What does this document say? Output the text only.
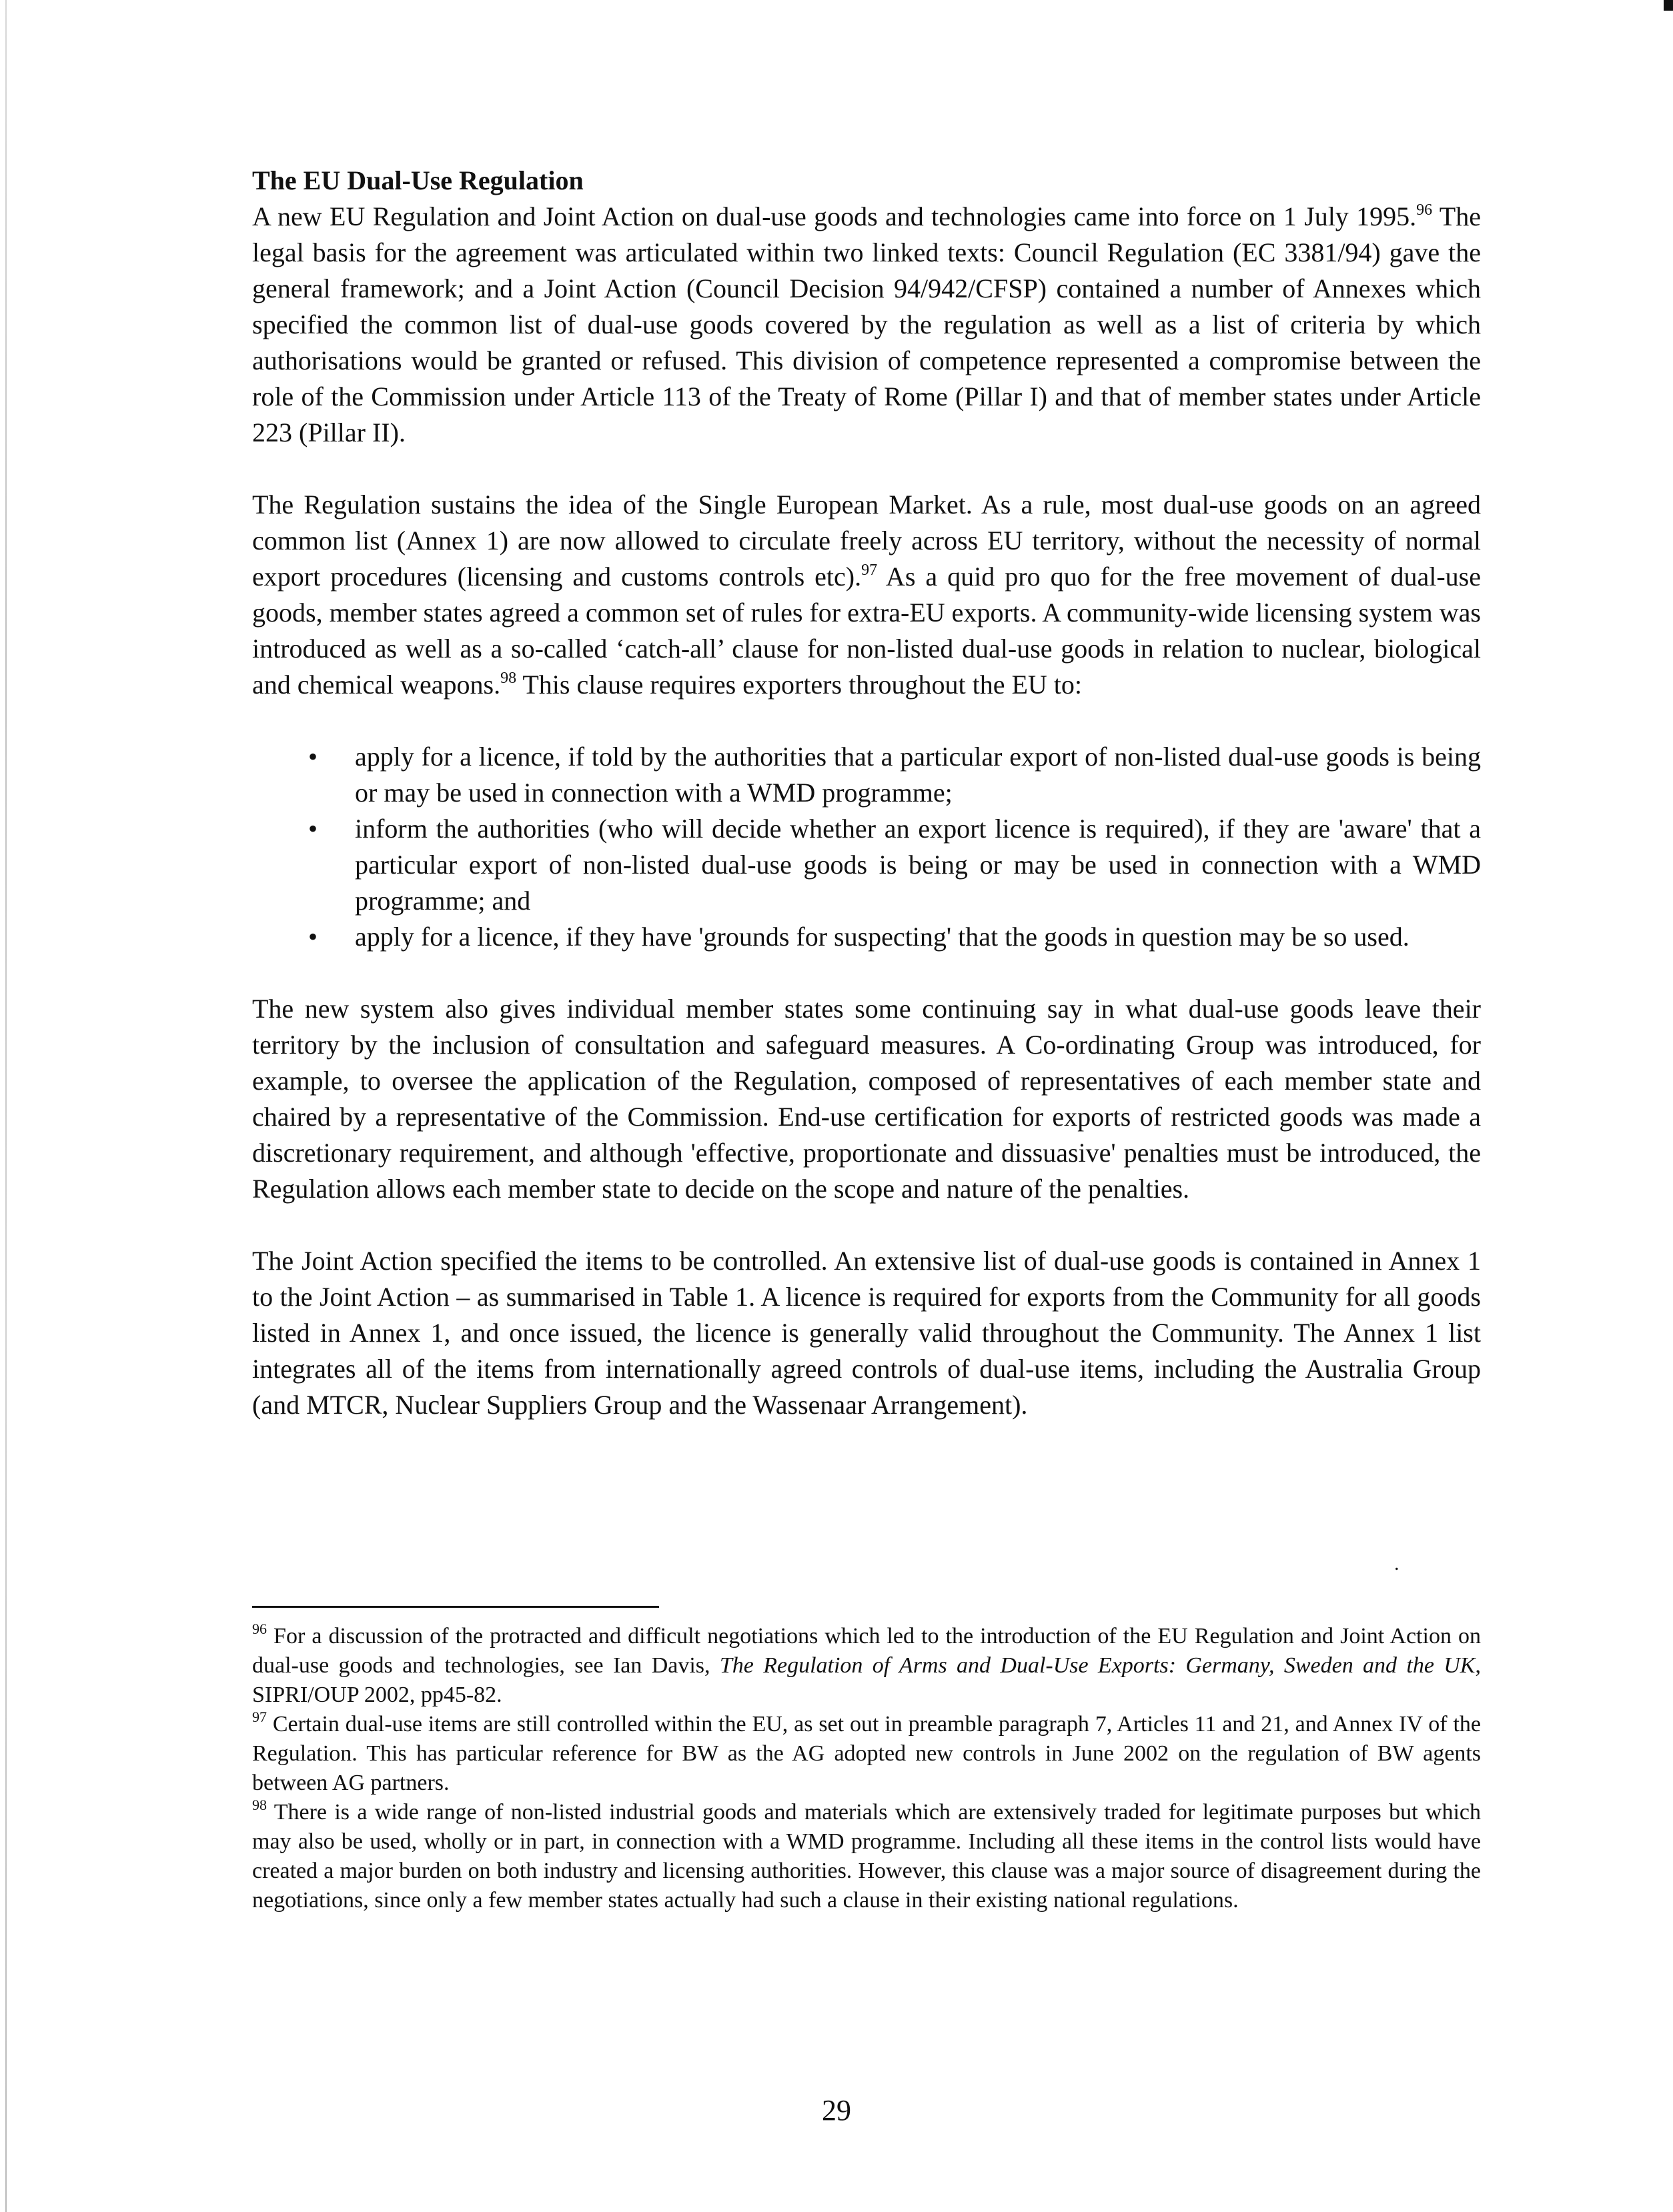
The EU Dual-Use Regulation

A new EU Regulation and Joint Action on dual-use goods and technologies came into force on 1 July 1995.96 The legal basis for the agreement was articulated within two linked texts: Council Regulation (EC 3381/94) gave the general framework; and a Joint Action (Council Decision 94/942/CFSP) contained a number of Annexes which specified the common list of dual-use goods covered by the regulation as well as a list of criteria by which authorisations would be granted or refused. This division of competence represented a compromise between the role of the Commission under Article 113 of the Treaty of Rome (Pillar I) and that of member states under Article 223 (Pillar II).

The Regulation sustains the idea of the Single European Market. As a rule, most dual-use goods on an agreed common list (Annex 1) are now allowed to circulate freely across EU territory, without the necessity of normal export procedures (licensing and customs controls etc).$^{97}$ As a quid pro quo for the free movement of dual-use goods, member states agreed a common set of rules for extra-EU exports. A community-wide licensing system was introduced as well as a so-called ‘catch-all’ clause for non-listed dual-use goods in relation to nuclear, biological and chemical weapons.$^{98}$ This clause requires exporters throughout the EU to:

• apply for a licence, if told by the authorities that a particular export of non-listed dual-use goods is being or may be used in connection with a WMD programme;
• inform the authorities (who will decide whether an export licence is required), if they are 'aware' that a particular export of non-listed dual-use goods is being or may be used in connection with a WMD programme; and
• apply for a licence, if they have 'grounds for suspecting' that the goods in question may be so used.

The new system also gives individual member states some continuing say in what dual-use goods leave their territory by the inclusion of consultation and safeguard measures. A Co-ordinating Group was introduced, for example, to oversee the application of the Regulation, composed of representatives of each member state and chaired by a representative of the Commission. End-use certification for exports of restricted goods was made a discretionary requirement, and although 'effective, proportionate and dissuasive' penalties must be introduced, the Regulation allows each member state to decide on the scope and nature of the penalties.

The Joint Action specified the items to be controlled. An extensive list of dual-use goods is contained in Annex 1 to the Joint Action – as summarised in Table 1. A licence is required for exports from the Community for all goods listed in Annex 1, and once issued, the licence is generally valid throughout the Community. The Annex 1 list integrates all of the items from internationally agreed controls of dual-use items, including the Australia Group (and MTCR, Nuclear Suppliers Group and the Wassenaar Arrangement).

.

$^{96}$ For a discussion of the protracted and difficult negotiations which led to the introduction of the EU Regulation and Joint Action on dual-use goods and technologies, see Ian Davis, The Regulation of Arms and Dual-Use Exports: Germany, Sweden and the UK, SIPRI/OUP 2002, pp45-82.

$^{97}$ Certain dual-use items are still controlled within the EU, as set out in preamble paragraph 7, Articles 11 and 21, and Annex IV of the Regulation. This has particular reference for BW as the AG adopted new controls in June 2002 on the regulation of BW agents between AG partners.

$^{98}$ There is a wide range of non-listed industrial goods and materials which are extensively traded for legitimate purposes but which may also be used, wholly or in part, in connection with a WMD programme. Including all these items in the control lists would have created a major burden on both industry and licensing authorities. However, this clause was a major source of disagreement during the negotiations, since only a few member states actually had such a clause in their existing national regulations.

29
